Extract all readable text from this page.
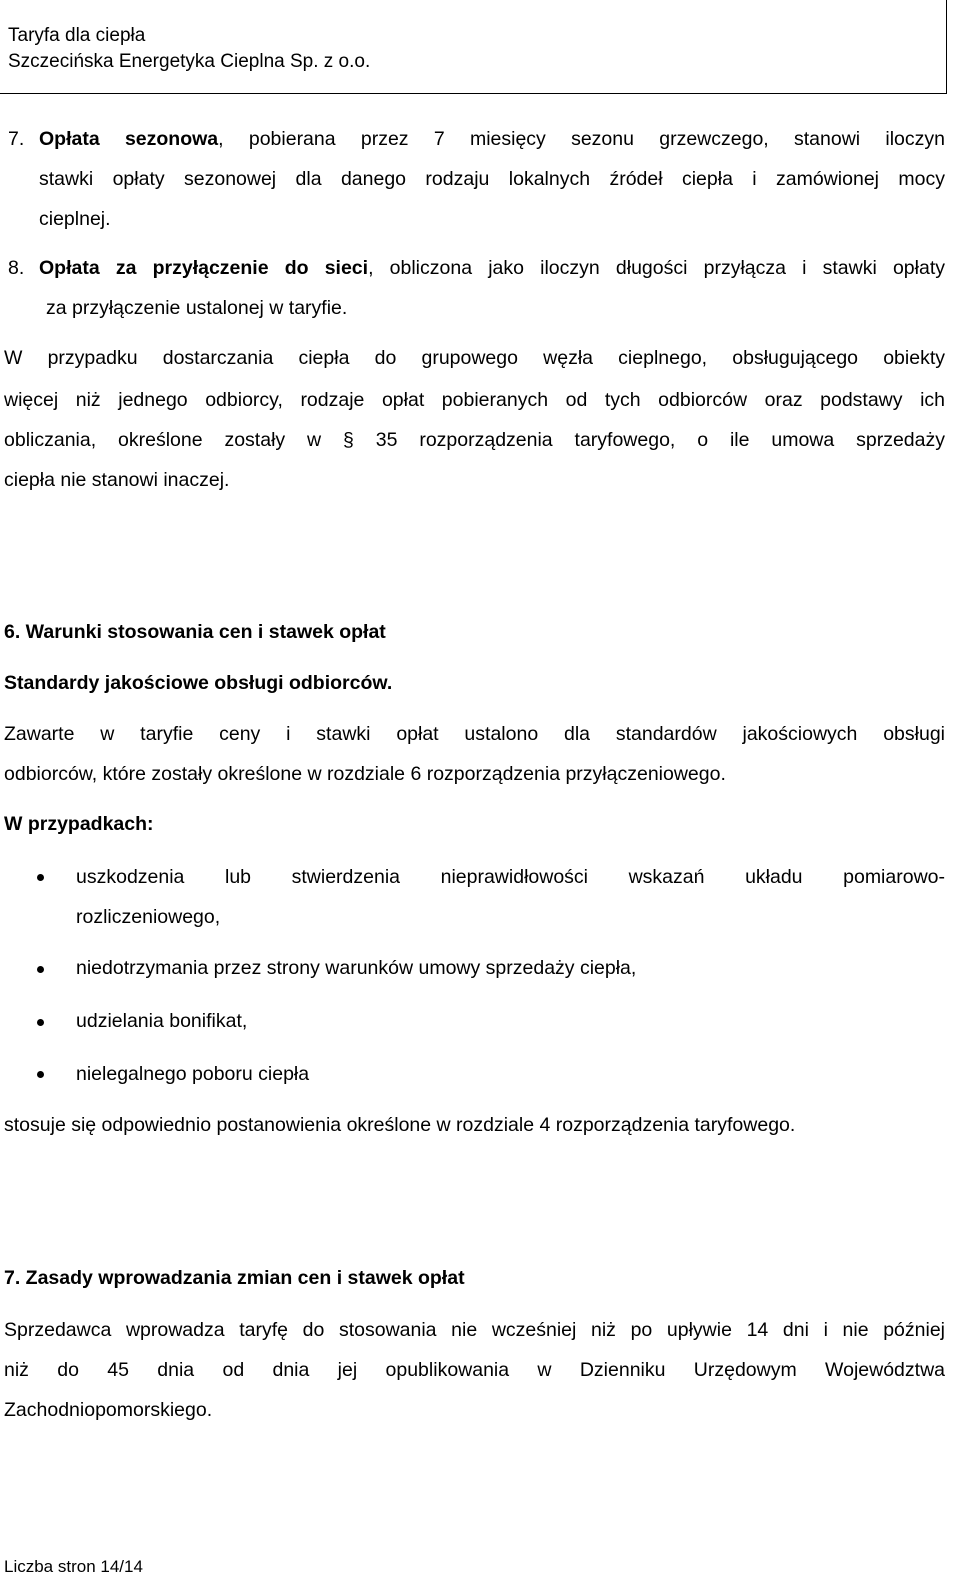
Taryfa dla ciepła
Szczecińska Energetyka Cieplna Sp. z o.o.
7. Opłata sezonowa, pobierana przez 7 miesięcy sezonu grzewczego, stanowi iloczyn
stawki opłaty sezonowej dla danego rodzaju lokalnych źródeł ciepła i zamówionej mocy
cieplnej.
8. Opłata za przyłączenie do sieci, obliczona jako iloczyn długości przyłącza i stawki opłaty
za przyłączenie ustalonej w taryfie.
W przypadku dostarczania ciepła do grupowego węzła cieplnego, obsługującego obiekty
więcej niż jednego odbiorcy, rodzaje opłat pobieranych od tych odbiorców oraz podstawy ich
obliczania, określone zostały w § 35 rozporządzenia taryfowego, o ile umowa sprzedaży
ciepła nie stanowi inaczej.
6. Warunki stosowania cen i stawek opłat
Standardy jakościowe obsługi odbiorców.
Zawarte w taryfie ceny i stawki opłat ustalono dla standardów jakościowych obsługi
odbiorców, które zostały określone w rozdziale 6 rozporządzenia przyłączeniowego.
W przypadkach:
uszkodzenia lub stwierdzenia nieprawidłowości wskazań układu pomiarowo-
rozliczeniowego,
niedotrzymania przez strony warunków umowy sprzedaży ciepła,
udzielania bonifikat,
nielegalnego poboru ciepła
stosuje się odpowiednio postanowienia określone w rozdziale 4 rozporządzenia taryfowego.
7. Zasady wprowadzania zmian cen i stawek opłat
Sprzedawca wprowadza taryfę do stosowania nie wcześniej niż po upływie 14 dni i nie później
niż do 45 dnia od dnia jej opublikowania w Dzienniku Urzędowym Województwa
Zachodniopomorskiego.
Liczba stron 14/14
